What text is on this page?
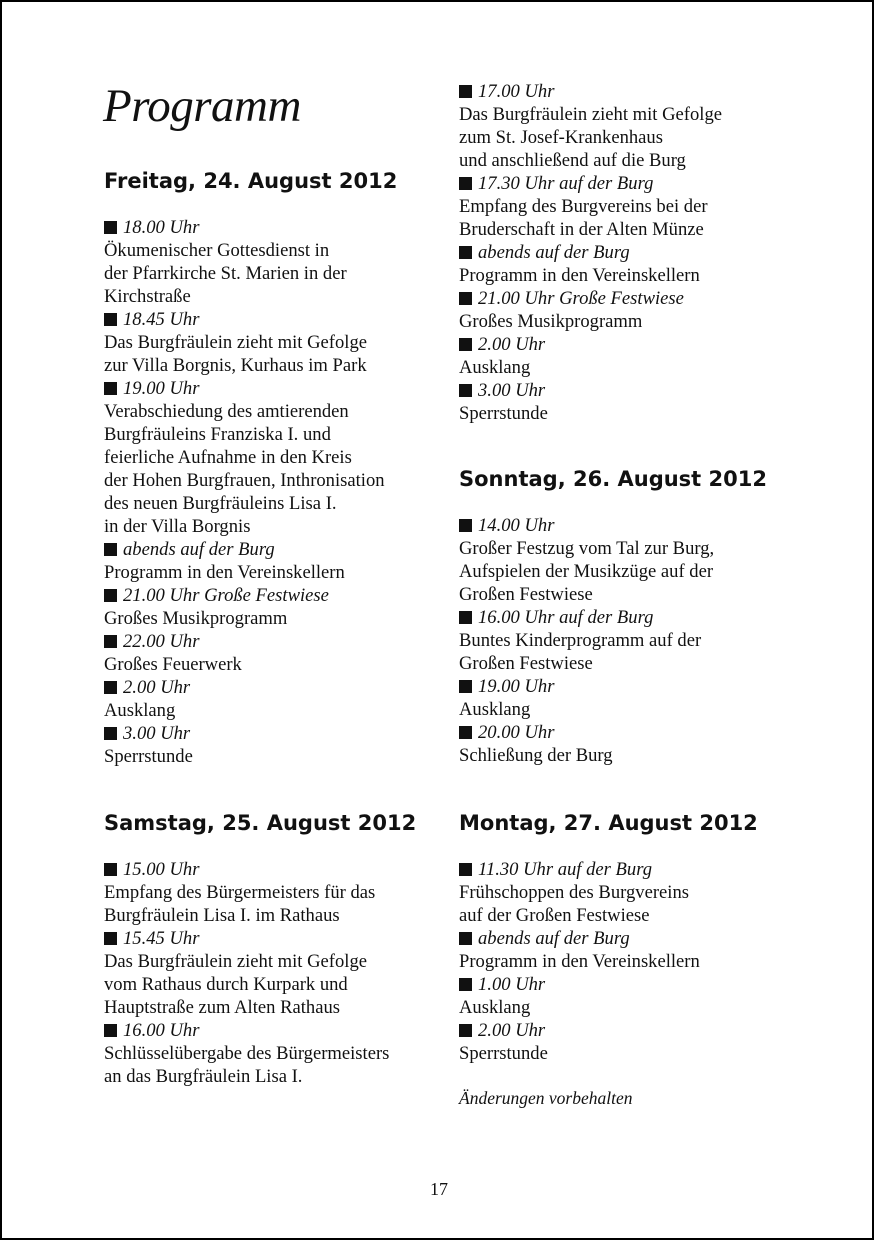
Programm
Freitag, 24. August 2012
18.00 Uhr
Ökumenischer Gottesdienst in
der Pfarrkirche St. Marien in der
Kirchstraße
18.45 Uhr
Das Burgfräulein zieht mit Gefolge
zur Villa Borgnis, Kurhaus im Park
19.00 Uhr
Verabschiedung des amtierenden
Burgfräuleins Franziska I. und
feierliche Aufnahme in den Kreis
der Hohen Burgfrauen, Inthronisation
des neuen Burgfräuleins Lisa I.
in der Villa Borgnis
abends auf der Burg
Programm in den Vereinskellern
21.00 Uhr Große Festwiese
Großes Musikprogramm
22.00 Uhr
Großes Feuerwerk
2.00 Uhr
Ausklang
3.00 Uhr
Sperrstunde
Samstag, 25. August 2012
15.00 Uhr
Empfang des Bürgermeisters für das
Burgfräulein Lisa I. im Rathaus
15.45 Uhr
Das Burgfräulein zieht mit Gefolge
vom Rathaus durch Kurpark und
Hauptstraße zum Alten Rathaus
16.00 Uhr
Schlüsselübergabe des Bürgermeisters
an das Burgfräulein Lisa I.
Sonntag, 26. August 2012
14.00 Uhr
Großer Festzug vom Tal zur Burg,
Aufspielen der Musikzüge auf der
Großen Festwiese
16.00 Uhr auf der Burg
Buntes Kinderprogramm auf der
Großen Festwiese
19.00 Uhr
Ausklang
20.00 Uhr
Schließung der Burg
Montag, 27. August 2012
11.30 Uhr auf der Burg
Frühschoppen des Burgvereins
auf der Großen Festwiese
abends auf der Burg
Programm in den Vereinskellern
1.00 Uhr
Ausklang
2.00 Uhr
Sperrstunde
Änderungen vorbehalten
17.00 Uhr
Das Burgfräulein zieht mit Gefolge
zum St. Josef-Krankenhaus
und anschließend auf die Burg
17.30 Uhr auf der Burg
Empfang des Burgvereins bei der
Bruderschaft in der Alten Münze
abends auf der Burg
Programm in den Vereinskellern
21.00 Uhr Große Festwiese
Großes Musikprogramm
2.00 Uhr
Ausklang
3.00 Uhr
Sperrstunde
17
